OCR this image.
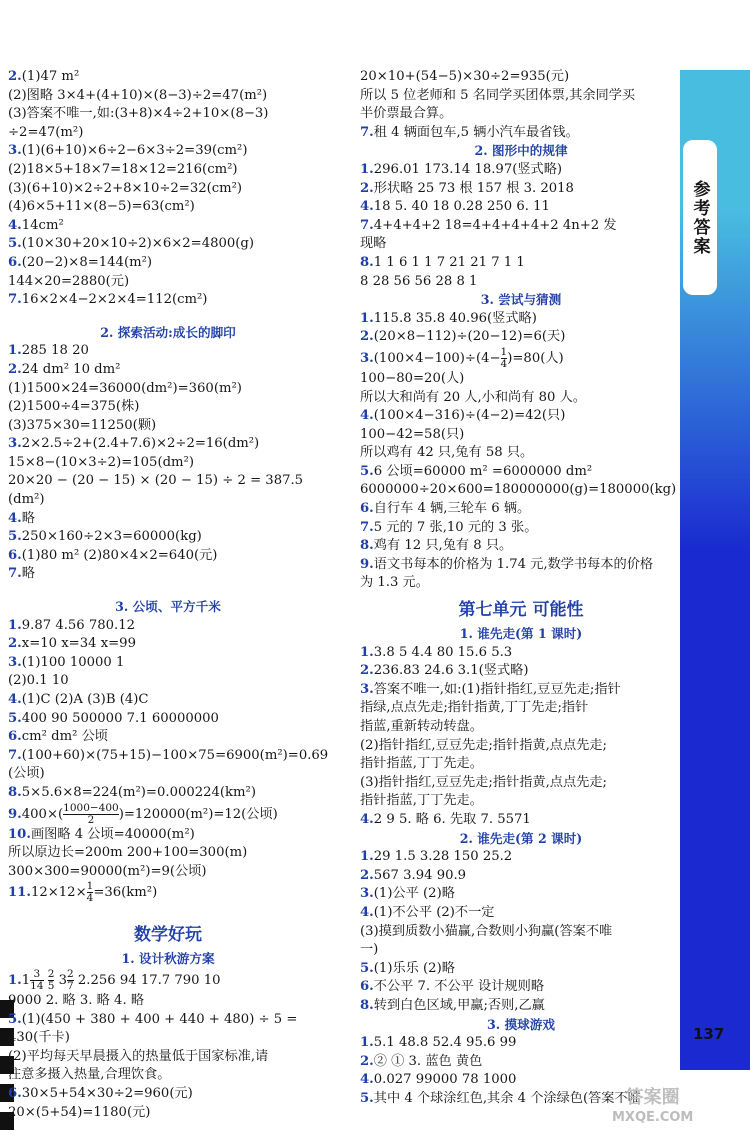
参考答案
137
2.(1)47 m²
(2)图略 3×4+(4+10)×(8−3)÷2=47(m²)
(3)答案不唯一,如:(3+8)×4÷2+10×(8−3)
÷2=47(m²)
3.(1)(6+10)×6÷2−6×3÷2=39(cm²)
(2)18×5+18×7=18×12=216(cm²)
(3)(6+10)×2÷2+8×10÷2=32(cm²)
(4)6×5+11×(8−5)=63(cm²)
4.14cm²
5.(10×30+20×10÷2)×6×2=4800(g)
6.(20−2)×8=144(m²)
144×20=2880(元)
7.16×2×4−2×2×4=112(cm²)
2. 探索活动:成长的脚印
1.285 18 20
2.24 dm² 10 dm²
(1)1500×24=36000(dm²)=360(m²)
(2)1500÷4=375(株)
(3)375×30=11250(颗)
3.2×2.5÷2+(2.4+7.6)×2÷2=16(dm²)
15×8−(10×3÷2)=105(dm²)
20×20 − (20 − 15) × (20 − 15) ÷ 2 = 387.5
(dm²)
4.略
5.250×160÷2×3=60000(kg)
6.(1)80 m² (2)80×4×2=640(元)
7.略
3. 公顷、平方千米
1.9.87 4.56 780.12
2.x=10 x=34 x=99
3.(1)100 10000 1
(2)0.1 10
4.(1)C (2)A (3)B (4)C
5.400 90 500000 7.1 60000000
6.cm² dm² 公顷
7.(100+60)×(75+15)−100×75=6900(m²)=0.69
(公顷)
8.5×5.6×8=224(m²)=0.000224(km²)
$9.400\times( \frac{1000-400}{2} )=120000(m^2)=12$(公顷)
10.画图略 4 公顷=40000(m²)
所以原边长=200m 200+100=300(m)
300×300=90000(m²)=9(公顷)
$11.12\times 12\times \frac{1}{4} =36(km^2)$
数学好玩
1. 设计秋游方案
$1.1 \frac{3}{14}$
$\frac{2}{5} 3 \frac{2}{7} 2.256$ 94 17.7 790 10
9000 2. 略 3. 略 4. 略
5.(1)(450 + 380 + 400 + 440 + 480) ÷ 5 =
430(千卡)
(2)平均每天早晨摄入的热量低于国家标准,请
注意多摄入热量,合理饮食。
6.30×5+54×30÷2=960(元)
20×(5+54)=1180(元)
20×10+(54−5)×30÷2=935(元)
所以 5 位老师和 5 名同学买团体票,其余同学买
半价票最合算。
7.租 4 辆面包车,5 辆小汽车最省钱。
2. 图形中的规律
1.296.01 173.14 18.97(竖式略)
2.形状略 25 73 根 157 根 3. 2018
4.18 5. 40 18 0.28 250 6. 11
7.4+4+4+2 18=4+4+4+4+2 4n+2 发
现略
8.1 1 6 1 1 7 21 21 7 1 1
8 28 56 56 28 8 1
3. 尝试与猜测
1.115.8 35.8 40.96(竖式略)
2.(20×8−112)÷(20−12)=6(天)
$3.(100\times 4-100)\div(4- \frac{1}{4} )=80$(人)
100−80=20(人)
所以大和尚有 20 人,小和尚有 80 人。
4.(100×4−316)÷(4−2)=42(只)
100−42=58(只)
所以鸡有 42 只,兔有 58 只。
5.6 公顷=60000 m² =6000000 dm²
6000000÷20×600=180000000(g)=180000(kg)
6.自行车 4 辆,三轮车 6 辆。
7.5 元的 7 张,10 元的 3 张。
8.鸡有 12 只,兔有 8 只。
9.语文书每本的价格为 1.74 元,数学书每本的价格
为 1.3 元。
第七单元 可能性
1. 谁先走(第 1 课时)
1.3.8 5 4.4 80 15.6 5.3
2.236.83 24.6 3.1(竖式略)
3.答案不唯一,如:(1)指针指红,豆豆先走;指针
指绿,点点先走;指针指黄,丁丁先走;指针
指蓝,重新转动转盘。
(2)指针指红,豆豆先走;指针指黄,点点先走;
指针指蓝,丁丁先走。
(3)指针指红,豆豆先走;指针指黄,点点先走;
指针指蓝,丁丁先走。
4.2 9 5. 略 6. 先取 7. 5571
2. 谁先走(第 2 课时)
1.29 1.5 3.28 150 25.2
2.567 3.94 90.9
3.(1)公平 (2)略
4.(1)不公平 (2)不一定
(3)摸到质数小猫赢,合数则小狗赢(答案不唯
一)
5.(1)乐乐 (2)略
6.不公平 7. 不公平 设计规则略
8.转到白色区域,甲赢;否则,乙赢
3. 摸球游戏
1.5.1 48.8 52.4 95.6 99
2.② ① 3. 蓝色 黄色
4.0.027 99000 78 1000
5.其中 4 个球涂红色,其余 4 个涂绿色(答案不唯
答案圈
MXQE.COM
